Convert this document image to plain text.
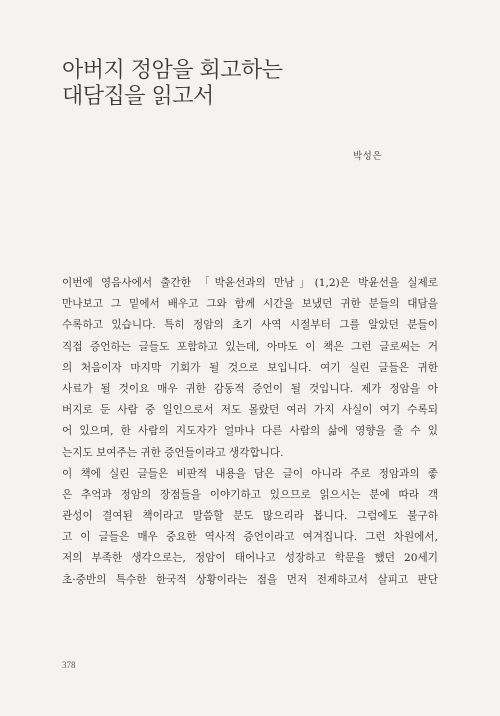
아버지 정암을 회고하는
대담집을 읽고서
박성은
이번에 영음사에서 출간한 「박윤선과의 만남」(1,2)은 박윤선을 실제로
만나보고 그 밑에서 배우고 그와 함께 시간을 보냈던 귀한 분들의 대담을
수록하고 있습니다. 특히 정암의 초기 사역 시절부터 그를 알았던 분들이
직접 증언하는 글들도 포함하고 있는데, 아마도 이 책은 그런 글로써는 거
의 처음이자 마지막 기회가 될 것으로 보입니다. 여기 실린 글들은 귀한
사료가 될 것이요 매우 귀한 감동적 증언이 될 것입니다. 제가 정암을 아
버지로 둔 사람 중 일인으로서 저도 몰랐던 여러 가지 사실이 여기 수록되
어 있으며, 한 사람의 지도자가 얼마나 다른 사람의 삶에 영향을 줄 수 있
는지도 보여주는 귀한 증언들이라고 생각합니다.
이 책에 실린 글들은 비판적 내용을 담은 글이 아니라 주로 정암과의 좋
은 추억과 정암의 장점들을 이야기하고 있으므로 읽으시는 분에 따라 객
관성이 결여된 책이라고 말씀할 분도 많으리라 봅니다. 그럼에도 불구하
고 이 글들은 매우 중요한 역사적 증언이라고 여겨집니다. 그런 차원에서,
저의 부족한 생각으로는, 정암이 태어나고 성장하고 학문을 했던 20세기
초·중반의 특수한 한국적 상황이라는 점을 먼저 전제하고서 살피고 판단
378
